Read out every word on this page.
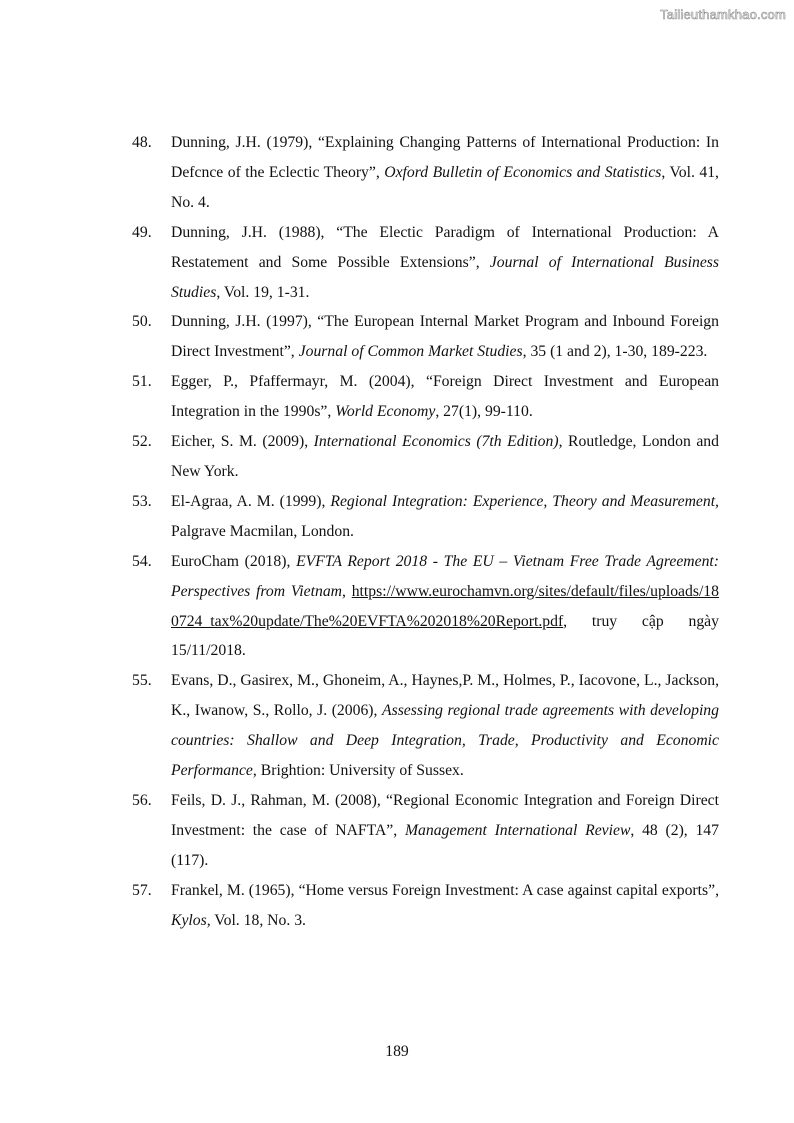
Tailieuthamkhao.com
48. Dunning, J.H. (1979), “Explaining Changing Patterns of International Production: In Defcnce of the Eclectic Theory”, Oxford Bulletin of Economics and Statistics, Vol. 41, No. 4.
49. Dunning, J.H. (1988), “The Electic Paradigm of International Production: A Restatement and Some Possible Extensions”, Journal of International Business Studies, Vol. 19, 1-31.
50. Dunning, J.H. (1997), “The European Internal Market Program and Inbound Foreign Direct Investment”, Journal of Common Market Studies, 35 (1 and 2), 1-30, 189-223.
51. Egger, P., Pfaffermayr, M. (2004), “Foreign Direct Investment and European Integration in the 1990s”, World Economy, 27(1), 99-110.
52. Eicher, S. M. (2009), International Economics (7th Edition), Routledge, London and New York.
53. El-Agraa, A. M. (1999), Regional Integration: Experience, Theory and Measurement, Palgrave Macmilan, London.
54. EuroCham (2018), EVFTA Report 2018 - The EU – Vietnam Free Trade Agreement: Perspectives from Vietnam, https://www.eurochamvn.org/sites/default/files/uploads/180724_tax%20update/The%20EVFTA%202018%20Report.pdf, truy cập ngày 15/11/2018.
55. Evans, D., Gasirex, M., Ghoneim, A., Haynes,P. M., Holmes, P., Iacovone, L., Jackson, K., Iwanow, S., Rollo, J. (2006), Assessing regional trade agreements with developing countries: Shallow and Deep Integration, Trade, Productivity and Economic Performance, Brightion: University of Sussex.
56. Feils, D. J., Rahman, M. (2008), “Regional Economic Integration and Foreign Direct Investment: the case of NAFTA”, Management International Review, 48 (2), 147 (117).
57. Frankel, M. (1965), “Home versus Foreign Investment: A case against capital exports”, Kylos, Vol. 18, No. 3.
189
